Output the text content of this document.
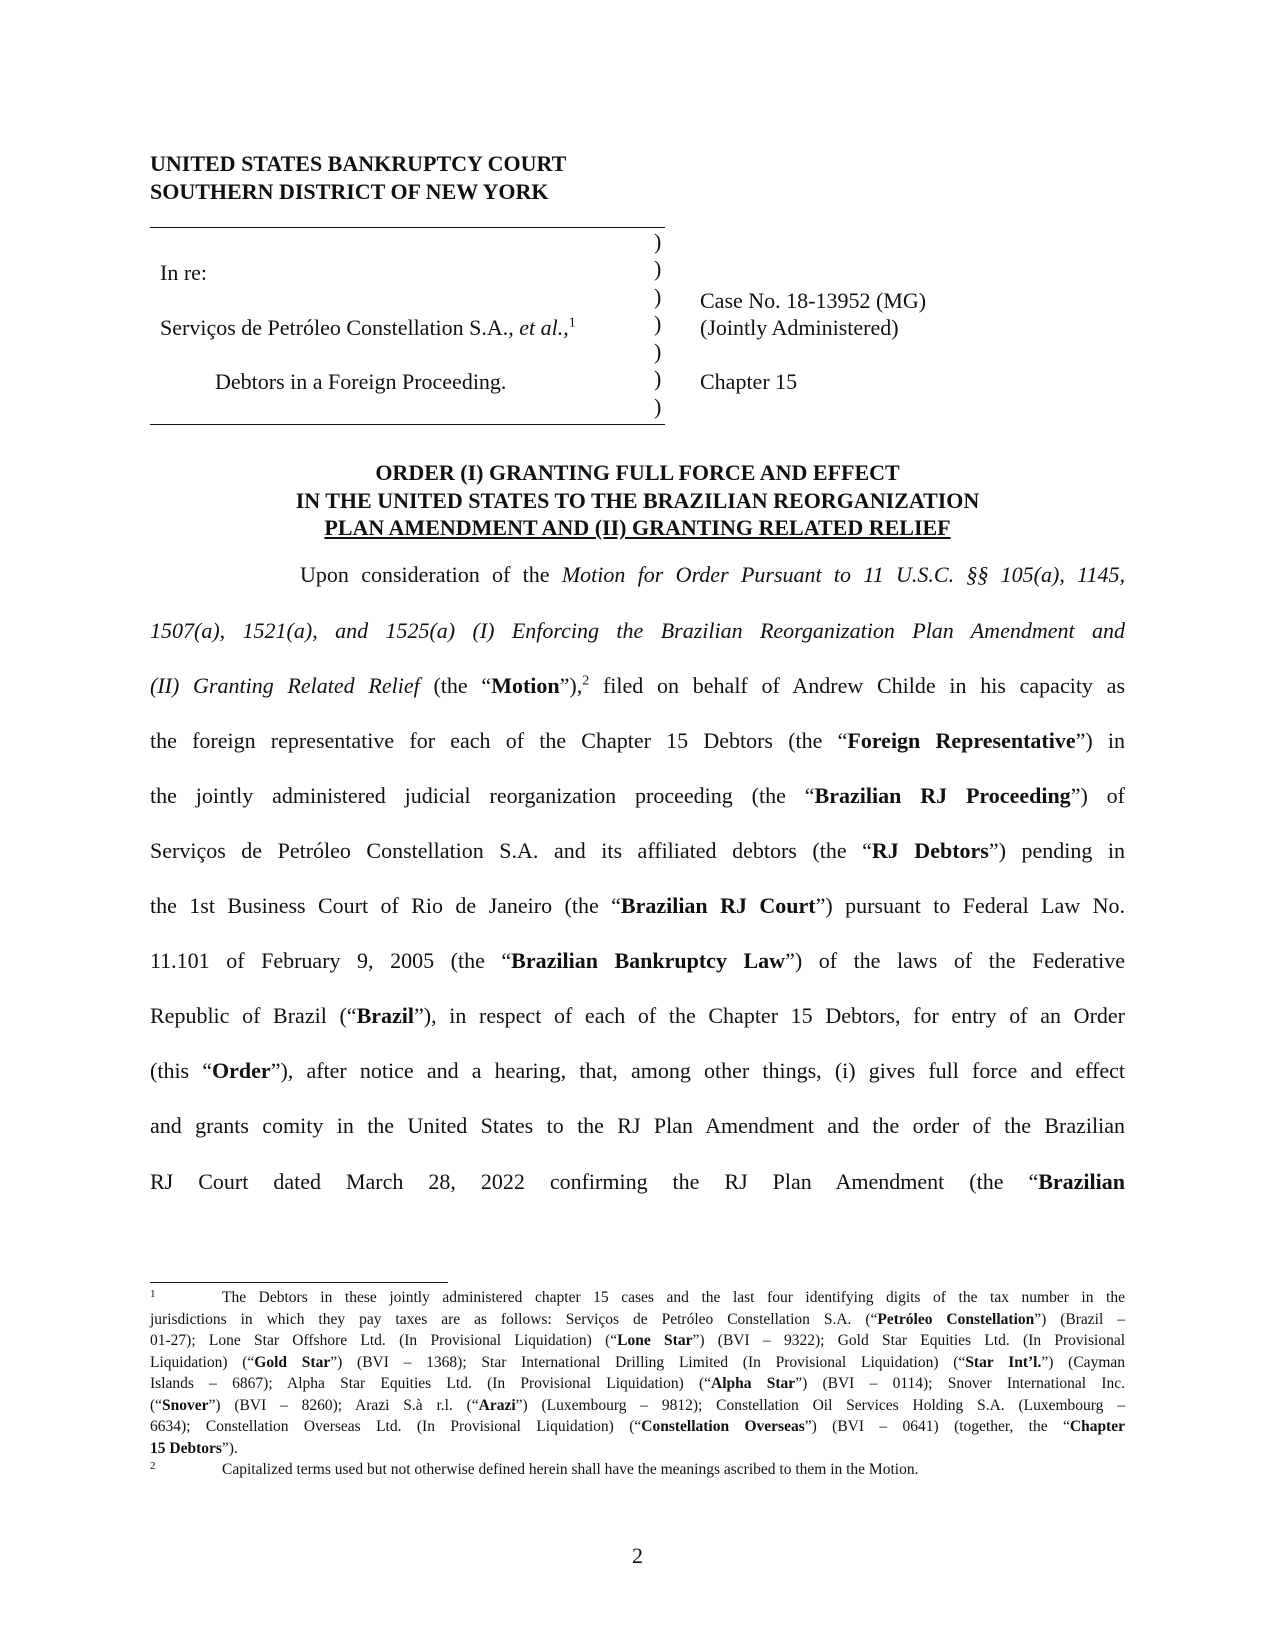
UNITED STATES BANKRUPTCY COURT
SOUTHERN DISTRICT OF NEW YORK
)
)
)
)
)
)
)
In re:
Serviços de Petróleo Constellation S.A., et al.,$^1$
Debtors in a Foreign Proceeding.
Case No. 18-13952 (MG)
(Jointly Administered)
Chapter 15
ORDER (I) GRANTING FULL FORCE AND EFFECT
IN THE UNITED STATES TO THE BRAZILIAN REORGANIZATION
PLAN AMENDMENT AND (II) GRANTING RELATED RELIEF
Upon consideration of the Motion for Order Pursuant to 11 U.S.C. §§ 105(a), 1145,
1507(a), 1521(a), and 1525(a) (I) Enforcing the Brazilian Reorganization Plan Amendment and
(II) Granting Related Relief (the “Motion”),$^2$ filed on behalf of Andrew Childe in his capacity as
the foreign representative for each of the Chapter 15 Debtors (the “Foreign Representative”) in
the jointly administered judicial reorganization proceeding (the “Brazilian RJ Proceeding”) of
Serviços de Petróleo Constellation S.A. and its affiliated debtors (the “RJ Debtors”) pending in
the 1st Business Court of Rio de Janeiro (the “Brazilian RJ Court”) pursuant to Federal Law No.
11.101 of February 9, 2005 (the “Brazilian Bankruptcy Law”) of the laws of the Federative
Republic of Brazil (“Brazil”), in respect of each of the Chapter 15 Debtors, for entry of an Order
(this “Order”), after notice and a hearing, that, among other things, (i) gives full force and effect
and grants comity in the United States to the RJ Plan Amendment and the order of the Brazilian
RJ Court dated March 28, 2022 confirming the RJ Plan Amendment (the “Brazilian
1	The Debtors in these jointly administered chapter 15 cases and the last four identifying digits of the tax number in the
jurisdictions in which they pay taxes are as follows: Serviços de Petróleo Constellation S.A. (“Petróleo Constellation”) (Brazil –
01-27); Lone Star Offshore Ltd. (In Provisional Liquidation) (“Lone Star”) (BVI – 9322); Gold Star Equities Ltd. (In Provisional
Liquidation) (“Gold Star”) (BVI – 1368); Star International Drilling Limited (In Provisional Liquidation) (“Star Int’l.”) (Cayman
Islands – 6867); Alpha Star Equities Ltd. (In Provisional Liquidation) (“Alpha Star”) (BVI – 0114); Snover International Inc.
(“Snover”) (BVI – 8260); Arazi S.à r.l. (“Arazi”) (Luxembourg – 9812); Constellation Oil Services Holding S.A. (Luxembourg –
6634); Constellation Overseas Ltd. (In Provisional Liquidation) (“Constellation Overseas”) (BVI – 0641) (together, the “Chapter
15 Debtors”).
2	Capitalized terms used but not otherwise defined herein shall have the meanings ascribed to them in the Motion.
2
